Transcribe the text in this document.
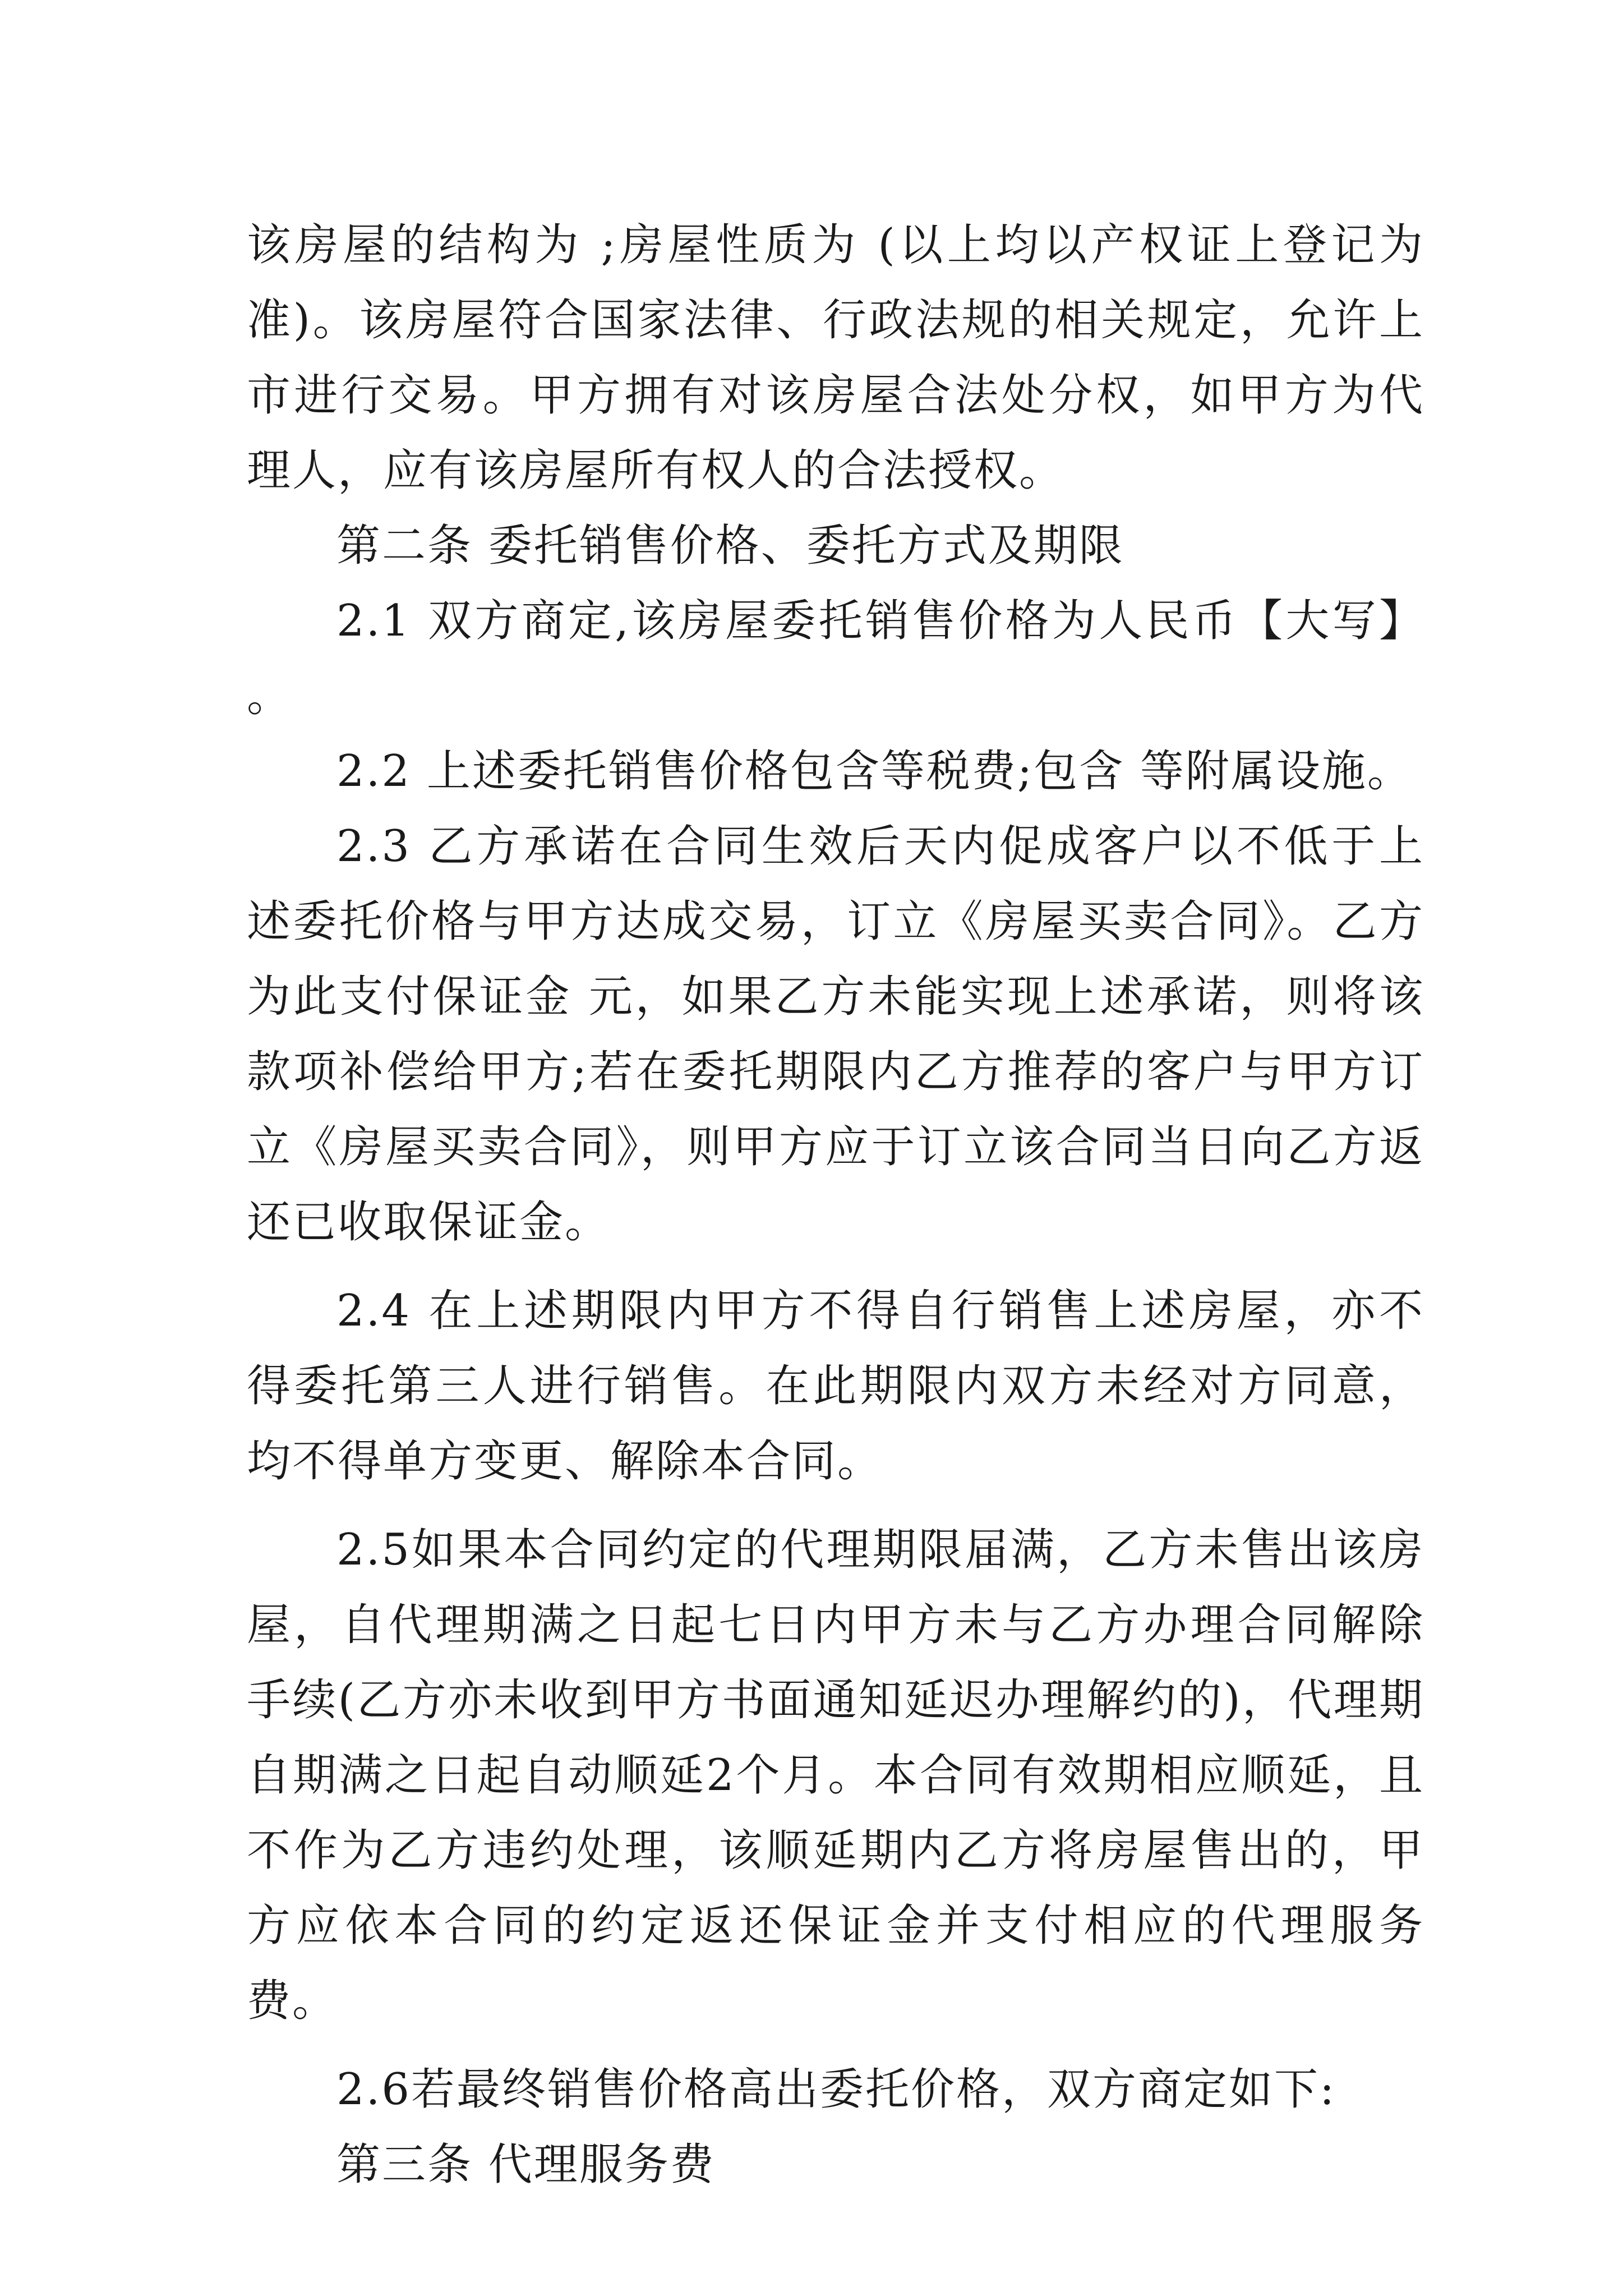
该房屋的结构为 ;房屋性质为 (以上均以产权证上登记为准)。该房屋符合国家法律、行政法规的相关规定，允许上市进行交易。甲方拥有对该房屋合法处分权，如甲方为代理人，应有该房屋所有权人的合法授权。

第二条 委托销售价格、委托方式及期限

2.1 双方商定,该房屋委托销售价格为人民币【大写】 。

2.2 上述委托销售价格包含等税费;包含 等附属设施。

2.3 乙方承诺在合同生效后天内促成客户以不低于上述委托价格与甲方达成交易，订立《房屋买卖合同》。乙方为此支付保证金 元，如果乙方未能实现上述承诺，则将该款项补偿给甲方;若在委托期限内乙方推荐的客户与甲方订立《房屋买卖合同》，则甲方应于订立该合同当日向乙方返还已收取保证金。

2.4 在上述期限内甲方不得自行销售上述房屋，亦不得委托第三人进行销售。在此期限内双方未经对方同意，均不得单方变更、解除本合同。

2.5如果本合同约定的代理期限届满，乙方未售出该房屋，自代理期满之日起七日内甲方未与乙方办理合同解除手续(乙方亦未收到甲方书面通知延迟办理解约的)，代理期自期满之日起自动顺延2个月。本合同有效期相应顺延，且不作为乙方违约处理，该顺延期内乙方将房屋售出的，甲方应依本合同的约定返还保证金并支付相应的代理服务费。

2.6若最终销售价格高出委托价格，双方商定如下:

第三条 代理服务费
